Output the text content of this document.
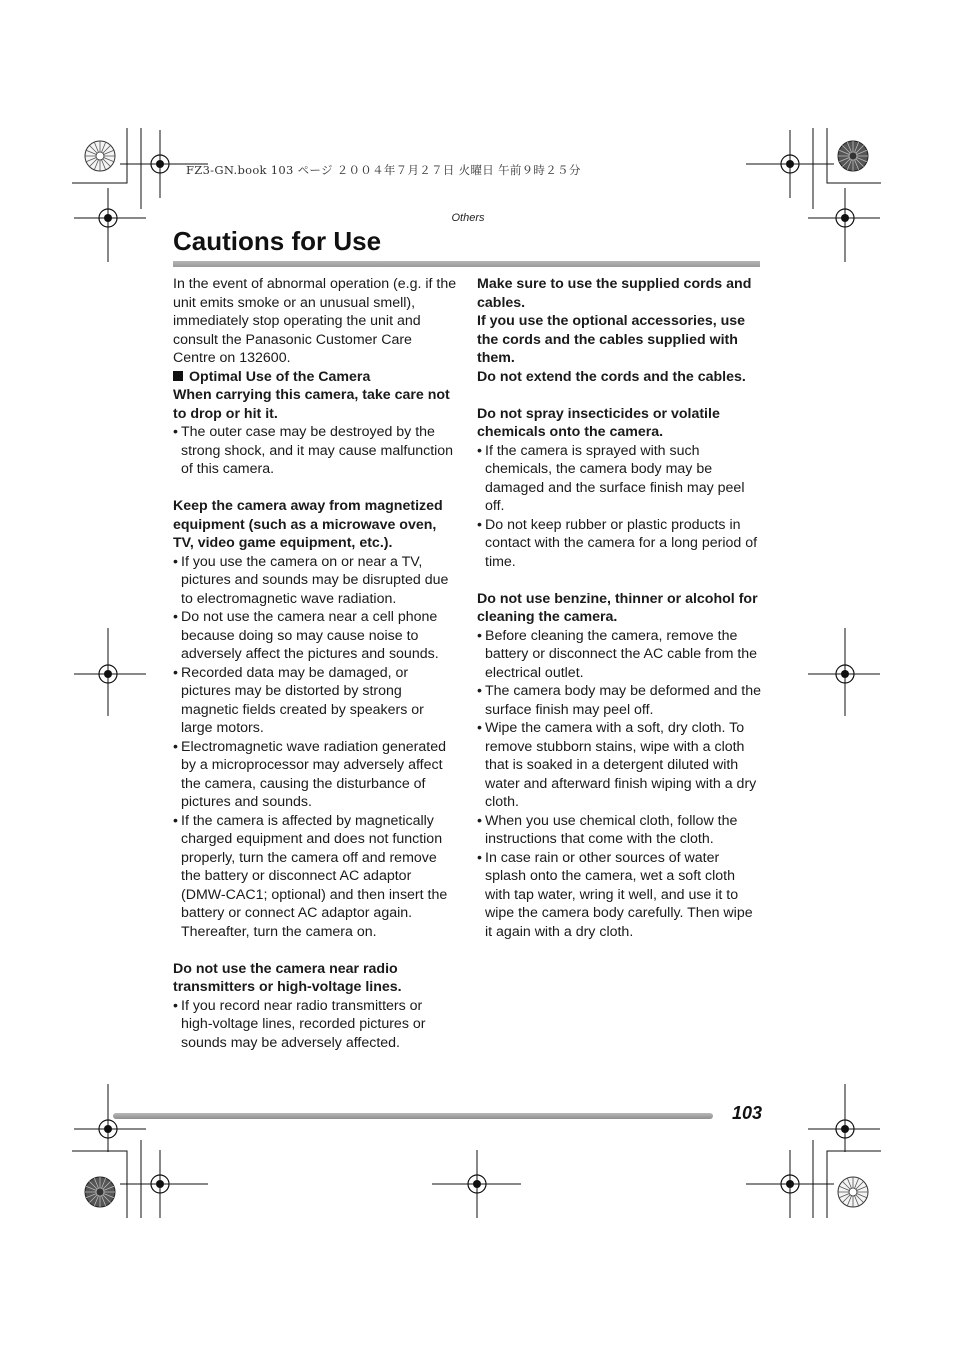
FZ3-GN.book 103 ページ ２００４年７月２７日 火曜日 午前９時２５分
Others
Cautions for Use

In the event of abnormal operation (e.g. if the unit emits smoke or an unusual smell), immediately stop operating the unit and consult the Panasonic Customer Care Centre on 132600.

Optimal Use of the Camera

When carrying this camera, take care not to drop or hit it.

• The outer case may be destroyed by the strong shock, and it may cause malfunction of this camera.

Keep the camera away from magnetized equipment (such as a microwave oven, TV, video game equipment, etc.).

• If you use the camera on or near a TV, pictures and sounds may be disrupted due to electromagnetic wave radiation.
• Do not use the camera near a cell phone because doing so may cause noise to adversely affect the pictures and sounds.
• Recorded data may be damaged, or pictures may be distorted by strong magnetic fields created by speakers or large motors.
• Electromagnetic wave radiation generated by a microprocessor may adversely affect the camera, causing the disturbance of pictures and sounds.
• If the camera is affected by magnetically charged equipment and does not function properly, turn the camera off and remove the battery or disconnect AC adaptor (DMW-CAC1; optional) and then insert the battery or connect AC adaptor again. Thereafter, turn the camera on.

Do not use the camera near radio transmitters or high-voltage lines.

• If you record near radio transmitters or high-voltage lines, recorded pictures or sounds may be adversely affected.

Make sure to use the supplied cords and cables.

If you use the optional accessories, use the cords and the cables supplied with them.

Do not extend the cords and the cables.

Do not spray insecticides or volatile chemicals onto the camera.

• If the camera is sprayed with such chemicals, the camera body may be damaged and the surface finish may peel off.
• Do not keep rubber or plastic products in contact with the camera for a long period of time.

Do not use benzine, thinner or alcohol for cleaning the camera.

• Before cleaning the camera, remove the battery or disconnect the AC cable from the electrical outlet.
• The camera body may be deformed and the surface finish may peel off.
• Wipe the camera with a soft, dry cloth. To remove stubborn stains, wipe with a cloth that is soaked in a detergent diluted with water and afterward finish wiping with a dry cloth.
• When you use chemical cloth, follow the instructions that come with the cloth.
• In case rain or other sources of water splash onto the camera, wet a soft cloth with tap water, wring it well, and use it to wipe the camera body carefully. Then wipe it again with a dry cloth.
103
